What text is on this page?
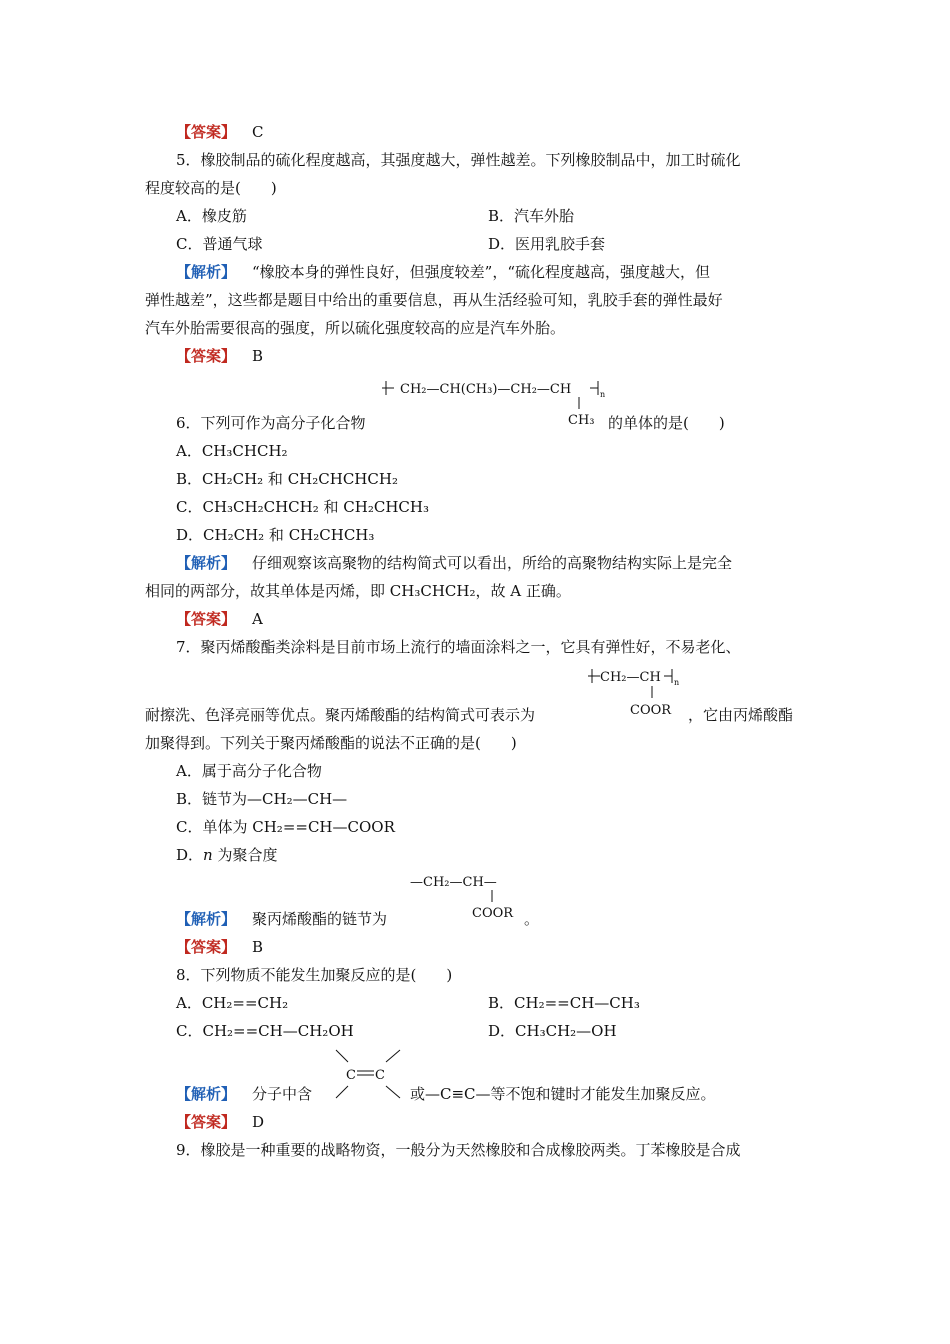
【答案】 C
5．橡胶制品的硫化程度越高，其强度越大，弹性越差。下列橡胶制品中，加工时硫化
程度较高的是(　　)
A．橡皮筋	B．汽车外胎
C．普通气球	D．医用乳胶手套
【解析】 “橡胶本身的弹性良好，但强度较差”，“硫化程度越高，强度越大，但
弹性越差”，这些都是题目中给出的重要信息，再从生活经验可知，乳胶手套的弹性最好
汽车外胎需要很高的强度，所以硫化强度较高的应是汽车外胎。
【答案】 B
CH₂—CH(CH₃)—CH₂—CH	n
CH₃
6．下列可作为高分子化合物	的单体的是(　　)
A．CH₃CHCH₂
B．CH₂CH₂ 和 CH₂CHCHCH₂
C．CH₃CH₂CHCH₂ 和 CH₂CHCH₃
D．CH₂CH₂ 和 CH₂CHCH₃
【解析】 仔细观察该高聚物的结构简式可以看出，所给的高聚物结构实际上是完全
相同的两部分，故其单体是丙烯，即 CH₃CHCH₂，故 A 正确。
【答案】 A
7．聚丙烯酸酯类涂料是目前市场上流行的墙面涂料之一，它具有弹性好，不易老化、
CH₂—CH n
COOR
耐擦洗、色泽亮丽等优点。聚丙烯酸酯的结构简式可表示为	，它由丙烯酸酯
加聚得到。下列关于聚丙烯酸酯的说法不正确的是(　　)
A．属于高分子化合物
B．链节为—CH₂—CH—
C．单体为 CH₂==CH—COOR
D．n 为聚合度
—CH₂—CH—
COOR
【解析】 聚丙烯酸酯的链节为	。
【答案】 B
8．下列物质不能发生加聚反应的是(　　)
A．CH₂==CH₂	B．CH₂==CH—CH₃
C．CH₂==CH—CH₂OH	D．CH₃CH₂—OH
C C
【解析】 分子中含	或—C≡C—等不饱和键时才能发生加聚反应。
【答案】 D
9．橡胶是一种重要的战略物资，一般分为天然橡胶和合成橡胶两类。丁苯橡胶是合成
